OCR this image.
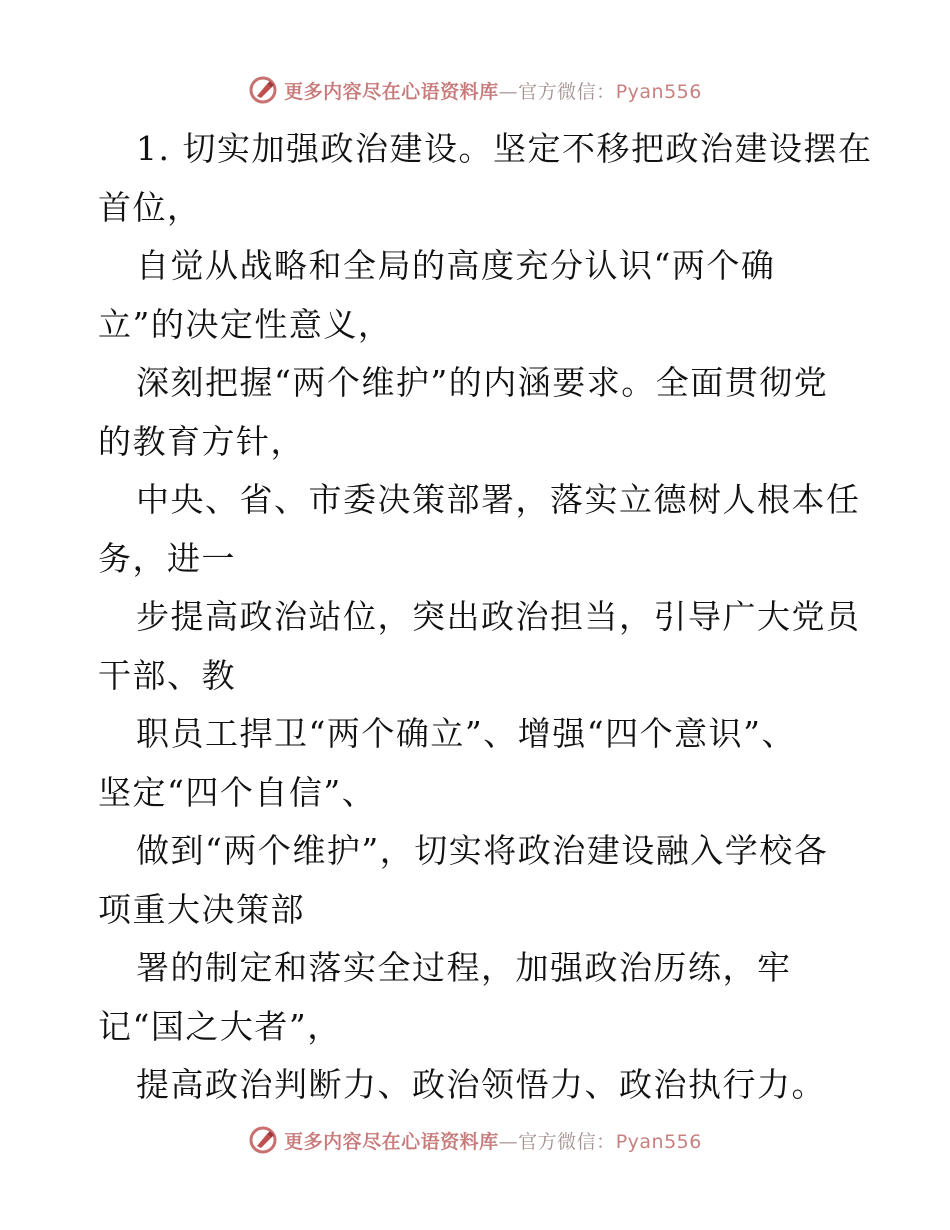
更多内容尽在心语资料库—官方微信：Pyan556
1. 切实加强政治建设。坚定不移把政治建设摆在
首位，
自觉从战略和全局的高度充分认识“两个确
立”的决定性意义，
深刻把握“两个维护”的内涵要求。全面贯彻党
的教育方针，
中央、省、市委决策部署，落实立德树人根本任
务，进一
步提高政治站位，突出政治担当，引导广大党员
干部、教
职员工捍卫“两个确立”、增强“四个意识”、
坚定“四个自信”、
做到“两个维护”，切实将政治建设融入学校各
项重大决策部
署的制定和落实全过程，加强政治历练，牢
记“国之大者”，
提高政治判断力、政治领悟力、政治执行力。
更多内容尽在心语资料库—官方微信：Pyan556
